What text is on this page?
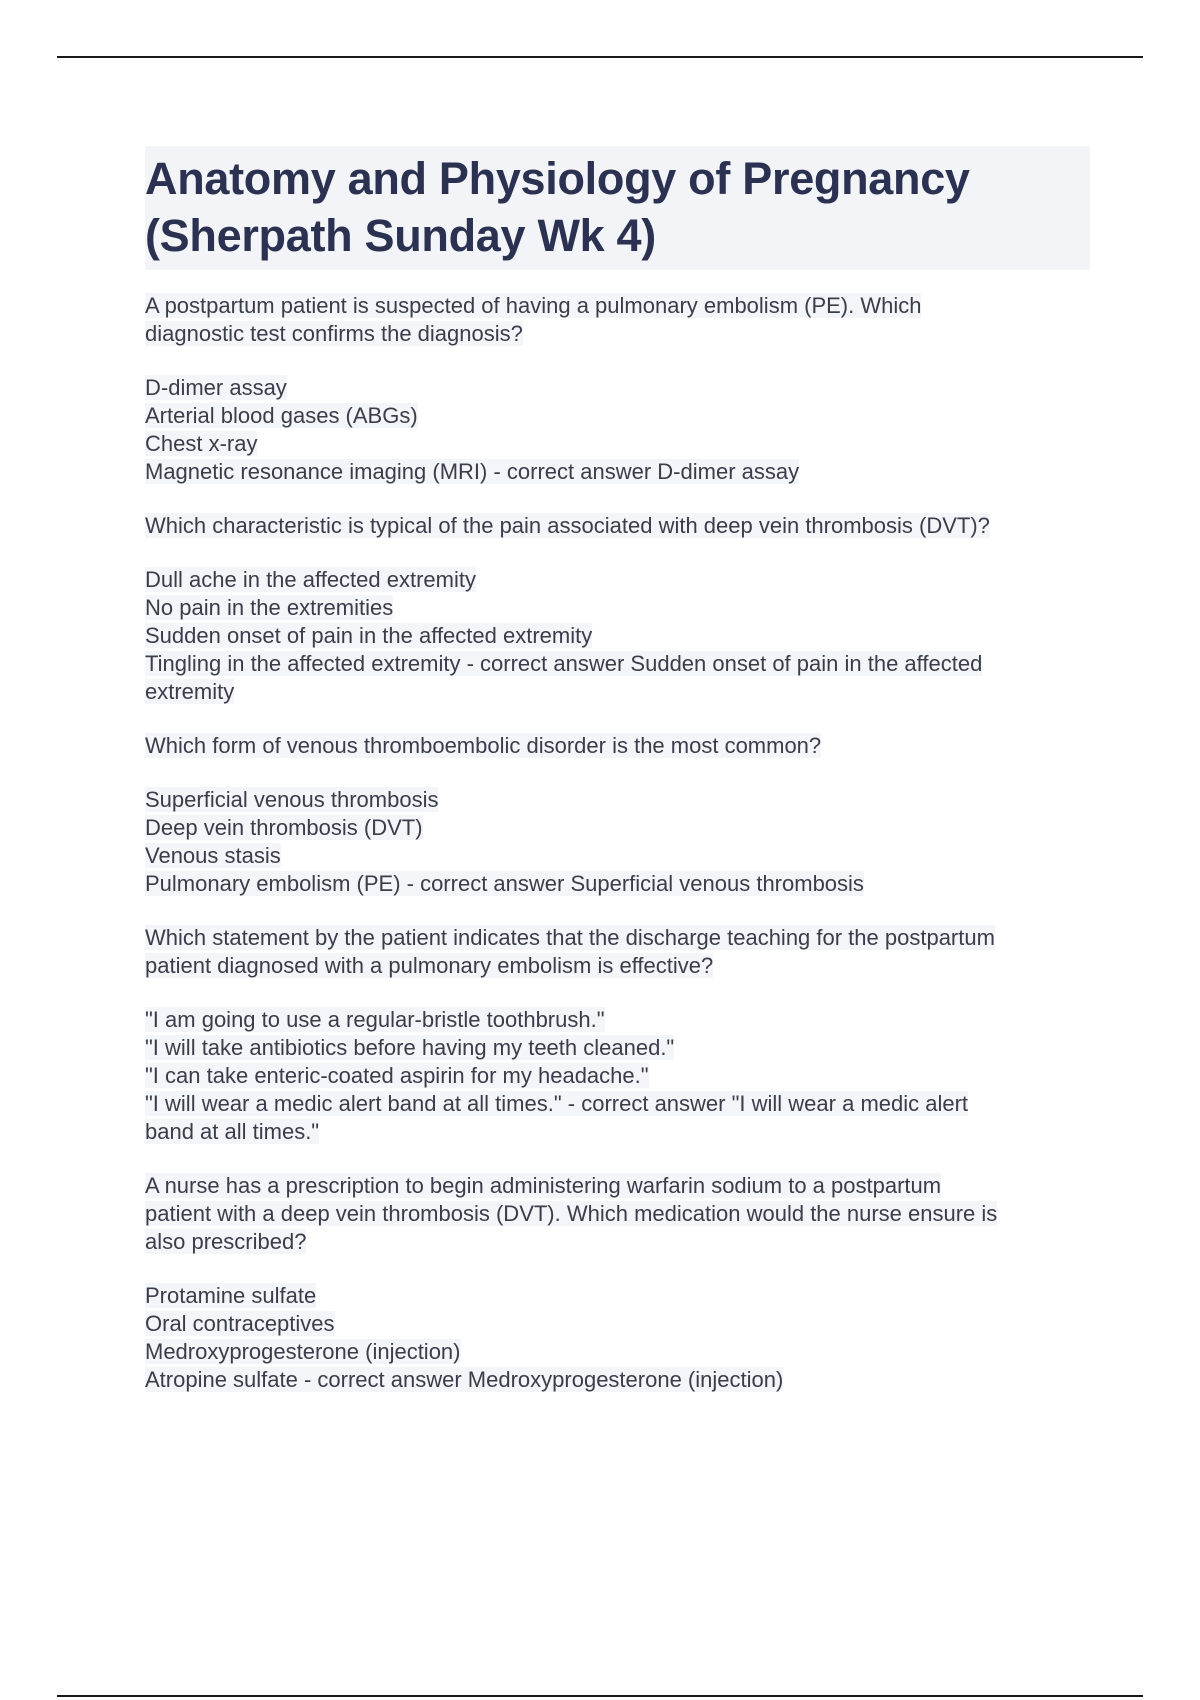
Anatomy and Physiology of Pregnancy
(Sherpath Sunday Wk 4)
A postpartum patient is suspected of having a pulmonary embolism (PE). Which
diagnostic test confirms the diagnosis?
D-dimer assay
Arterial blood gases (ABGs)
Chest x-ray
Magnetic resonance imaging (MRI) - correct answer D-dimer assay
Which characteristic is typical of the pain associated with deep vein thrombosis (DVT)?
Dull ache in the affected extremity
No pain in the extremities
Sudden onset of pain in the affected extremity
Tingling in the affected extremity - correct answer Sudden onset of pain in the affected
extremity
Which form of venous thromboembolic disorder is the most common?
Superficial venous thrombosis
Deep vein thrombosis (DVT)
Venous stasis
Pulmonary embolism (PE) - correct answer Superficial venous thrombosis
Which statement by the patient indicates that the discharge teaching for the postpartum
patient diagnosed with a pulmonary embolism is effective?
"I am going to use a regular-bristle toothbrush."
"I will take antibiotics before having my teeth cleaned."
"I can take enteric-coated aspirin for my headache."
"I will wear a medic alert band at all times." - correct answer "I will wear a medic alert
band at all times."
A nurse has a prescription to begin administering warfarin sodium to a postpartum
patient with a deep vein thrombosis (DVT). Which medication would the nurse ensure is
also prescribed?
Protamine sulfate
Oral contraceptives
Medroxyprogesterone (injection)
Atropine sulfate - correct answer Medroxyprogesterone (injection)
